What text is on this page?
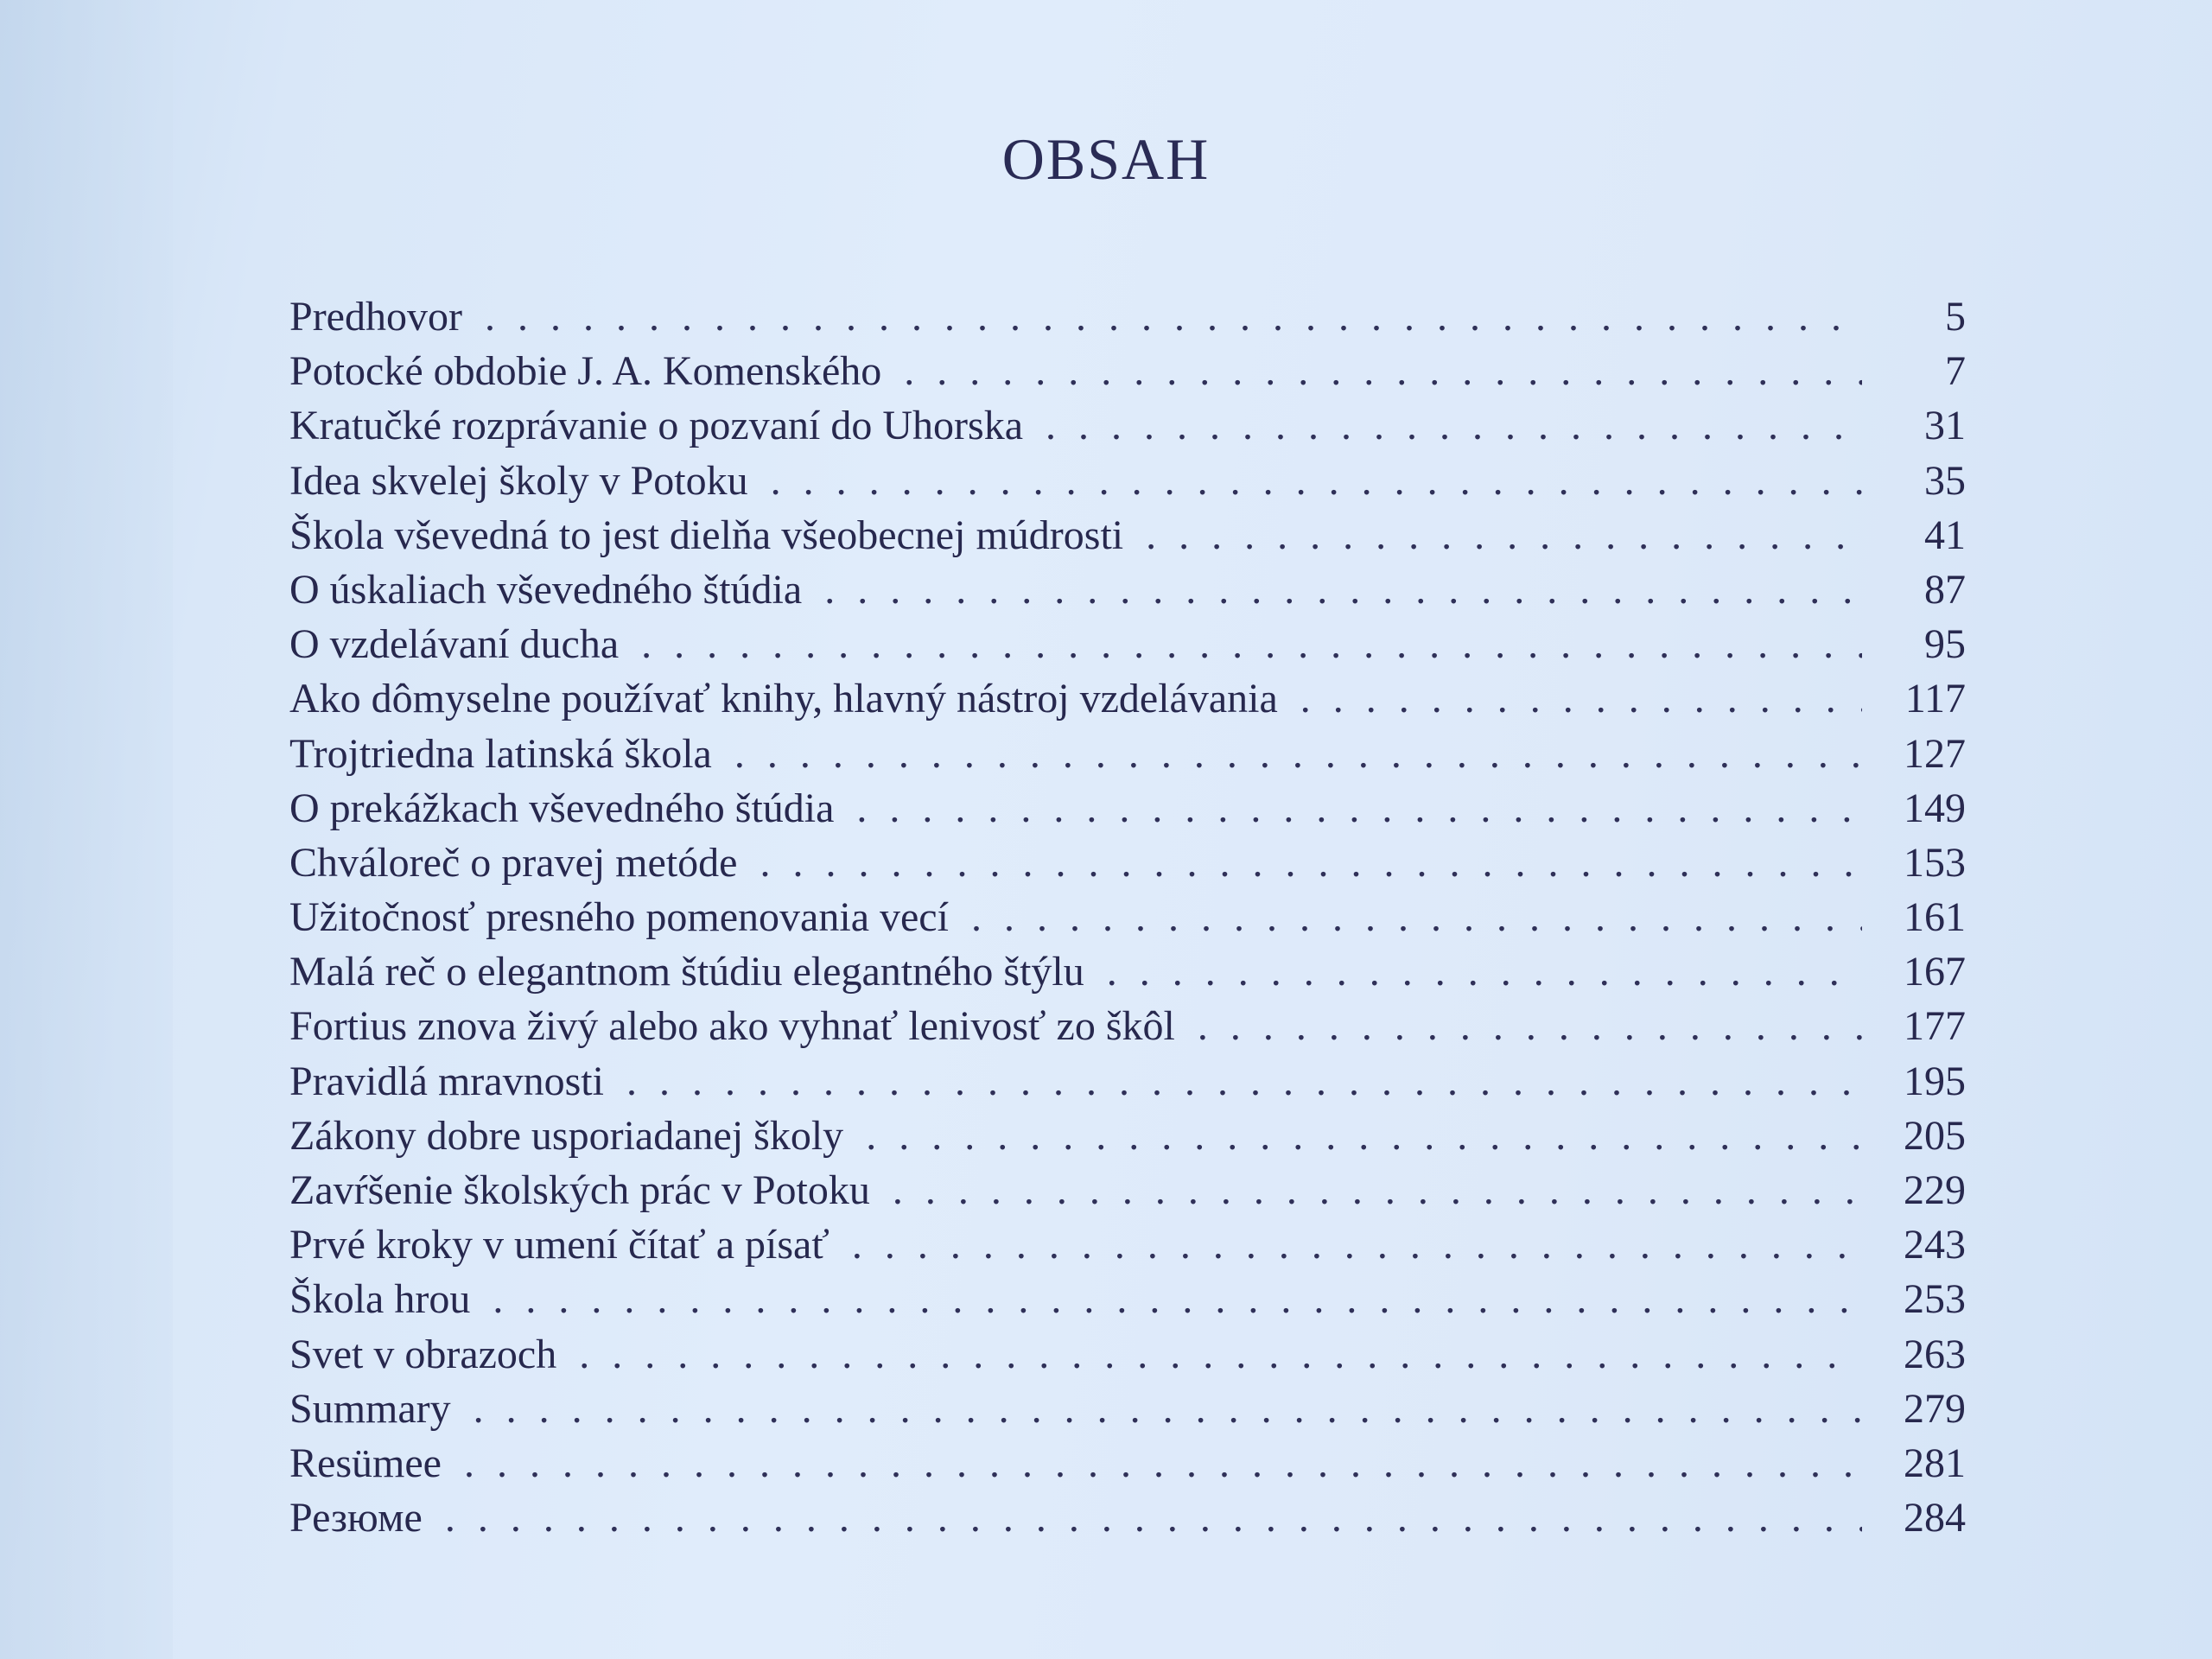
OBSAH
Predhovor . . .	5
Potocké obdobie J. A. Komenského . . .	7
Kratučké rozprávanie o pozvaní do Uhorska . . .	31
Idea skvelej školy v Potoku . . .	35
Škola vševedná to jest dielňa všeobecnej múdrosti . . .	41
O úskaliach vševedného štúdia . . .	87
O vzdelávaní ducha . . .	95
Ako dômyselne používať knihy, hlavný nástroj vzdelávania . . .	117
Trojtriedna latinská škola . . .	127
O prekážkach vševedného štúdia . . .	149
Chváloreč o pravej metóde . . .	153
Užitočnosť presného pomenovania vecí . . .	161
Malá reč o elegantnom štúdiu elegantného štýlu . . .	167
Fortius znova živý alebo ako vyhnať lenivosť zo škôl . . .	177
Pravidlá mravnosti . . .	195
Zákony dobre usporiadanej školy . . .	205
Zavŕšenie školských prác v Potoku . . .	229
Prvé kroky v umení čítať a písať . . .	243
Škola hrou . . .	253
Svet v obrazoch . . .	263
Summary . . .	279
Resümee . . .	281
Резюме . . .	284
